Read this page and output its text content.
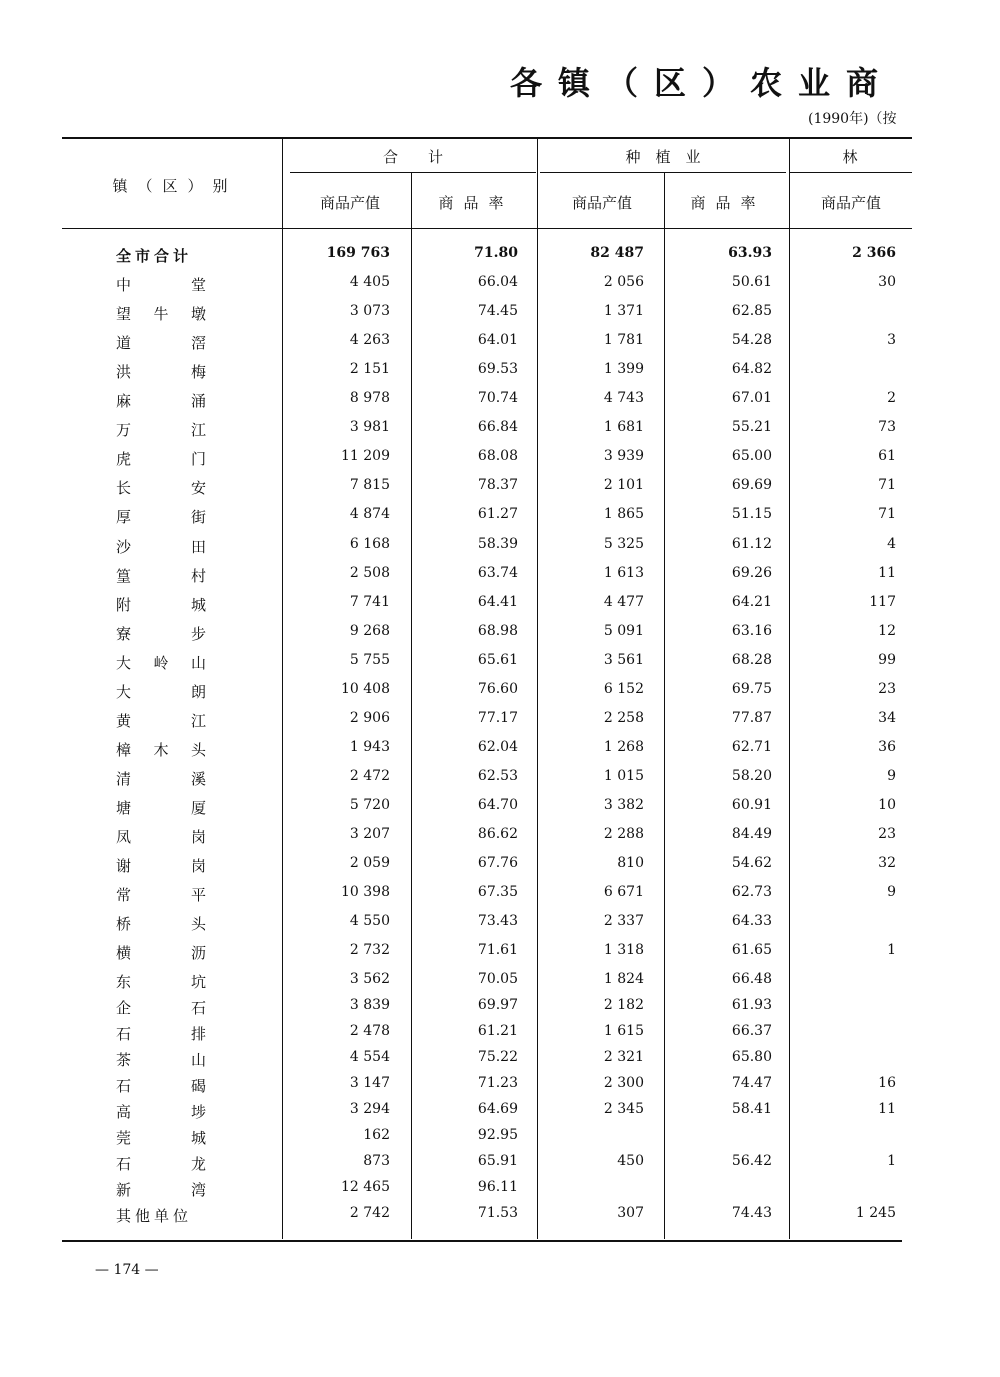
各镇（区）农业商
(1990年)（按
镇（区）别
合　　计	种　植　业	林
商品产值	商品率	商品产值	商品率	商品产值
全市合计	169 763	71.80	82 487	63.93	2 366
中	堂	4 405	66.04	2 056	50.61	30
望 牛 墩	3 073	74.45	1 371	62.85
道	滘	4 263	64.01	1 781	54.28	3
洪	梅	2 151	69.53	1 399	64.82
麻	涌	8 978	70.74	4 743	67.01	2
万	江	3 981	66.84	1 681	55.21	73
虎	门	11 209	68.08	3 939	65.00	61
长	安	7 815	78.37	2 101	69.69	71
厚	街	4 874	61.27	1 865	51.15	71
沙	田	6 168	58.39	5 325	61.12	4
篁	村	2 508	63.74	1 613	69.26	11
附	城	7 741	64.41	4 477	64.21	117
寮	步	9 268	68.98	5 091	63.16	12
大 岭 山	5 755	65.61	3 561	68.28	99
大	朗	10 408	76.60	6 152	69.75	23
黄	江	2 906	77.17	2 258	77.87	34
樟 木 头	1 943	62.04	1 268	62.71	36
清	溪	2 472	62.53	1 015	58.20	9
塘	厦	5 720	64.70	3 382	60.91	10
凤	岗	3 207	86.62	2 288	84.49	23
谢	岗	2 059	67.76	810	54.62	32
常	平	10 398	67.35	6 671	62.73	9
桥	头	4 550	73.43	2 337	64.33
横	沥	2 732	71.61	1 318	61.65	1
东	坑	3 562	70.05	1 824	66.48
企	石	3 839	69.97	2 182	61.93
石	排	2 478	61.21	1 615	66.37
茶	山	4 554	75.22	2 321	65.80
石	碣	3 147	71.23	2 300	74.47	16
高	埗	3 294	64.69	2 345	58.41	11
莞	城	162	92.95
石	龙	873	65.91	450	56.42	1
新	湾	12 465	96.11
其他单位	2 742	71.53	307	74.43	1 245
— 174 —
